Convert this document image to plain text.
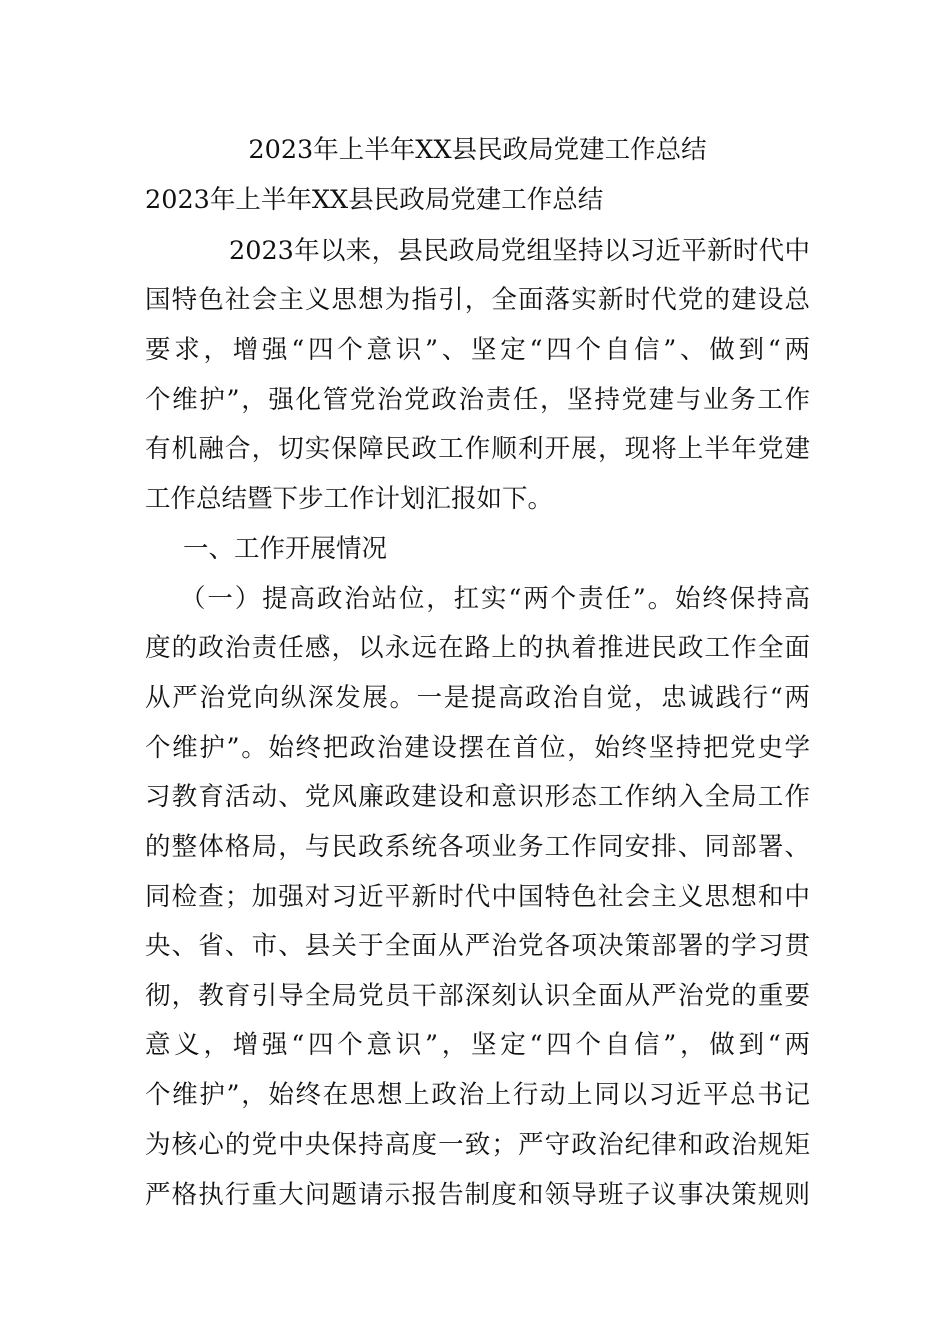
2023年上半年XX县民政局党建工作总结
2023年上半年XX县民政局党建工作总结
2023年以来，县民政局党组坚持以习近平新时代中
国特色社会主义思想为指引，全面落实新时代党的建设总
要求，增强“四个意识”、坚定“四个自信”、做到“两
个维护”，强化管党治党政治责任，坚持党建与业务工作
有机融合，切实保障民政工作顺利开展，现将上半年党建
工作总结暨下步工作计划汇报如下。
一、工作开展情况
（一）提高政治站位，扛实“两个责任”。始终保持高
度的政治责任感，以永远在路上的执着推进民政工作全面
从严治党向纵深发展。一是提高政治自觉，忠诚践行“两
个维护”。始终把政治建设摆在首位，始终坚持把党史学
习教育活动、党风廉政建设和意识形态工作纳入全局工作
的整体格局，与民政系统各项业务工作同安排、同部署、
同检查；加强对习近平新时代中国特色社会主义思想和中
央、省、市、县关于全面从严治党各项决策部署的学习贯
彻，教育引导全局党员干部深刻认识全面从严治党的重要
意义，增强“四个意识”，坚定“四个自信”，做到“两
个维护”，始终在思想上政治上行动上同以习近平总书记
为核心的党中央保持高度一致；严守政治纪律和政治规矩
严格执行重大问题请示报告制度和领导班子议事决策规则
